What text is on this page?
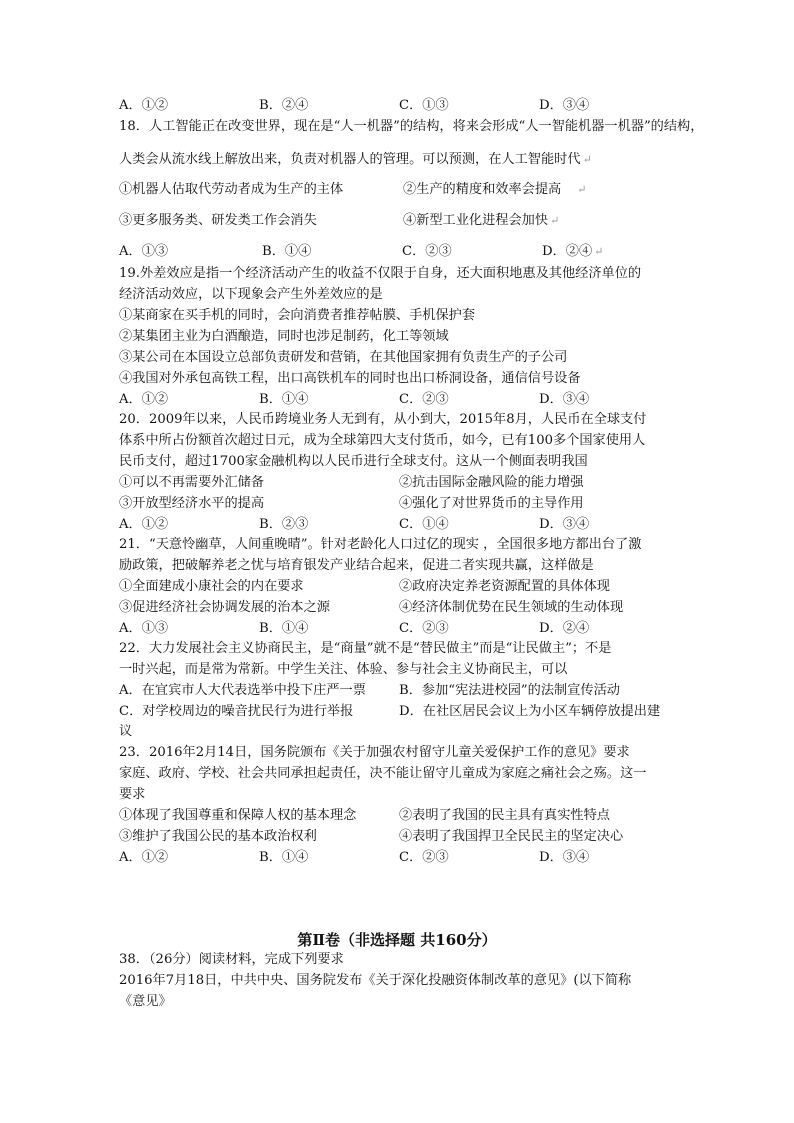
A．①②	B．②④	C．①③	D．③④
18．人工智能正在改变世界，现在是“人一机器”的结构，将来会形成“人一智能机器一机器”的结构，
人类会从流水线上解放出来，负责对机器人的管理。可以预测，在人工智能时代 ↵
①机器人估取代劳动者成为生产的主体	②生产的精度和效率会提高 ↵
③更多服务类、研发类工作会消失	④新型工业化进程会加快 ↵
A．①③	B．①④	C．②③	D．②④ ↵
19.外差效应是指一个经济活动产生的收益不仅限于自身，还大面积地惠及其他经济单位的
经济活动效应，以下现象会产生外差效应的是
①某商家在买手机的同时，会向消费者推荐帖膜、手机保护套
②某集团主业为白酒酿造，同时也涉足制药，化工等领域
③某公司在本国设立总部负责研发和营销，在其他国家拥有负责生产的子公司
④我国对外承包高铁工程，出口高铁机车的同时也出口桥洞设备，通信信号设备
A．①②	B．①④	C．②③	D．③④
20．2009年以来，人民币跨境业务人无到有，从小到大，2015年8月，人民币在全球支付
体系中所占份额首次超过日元，成为全球第四大支付货币，如今，已有100多个国家使用人
民币支付，超过1700家金融机构以人民币进行全球支付。这从一个侧面表明我国
①可以不再需要外汇储备	②抗击国际金融风险的能力增强
③开放型经济水平的提高	④强化了对世界货币的主导作用
A．①②	B．②③	C．①④	D．③④
21．“天意怜幽草，人间重晚晴”。针对老龄化人口过亿的现实 ，全国很多地方都出台了激
励政策，把破解养老之忧与培育银发产业结合起来，促进二者实现共赢，这样做是
①全面建成小康社会的内在要求	②政府决定养老资源配置的具体体现
③促进经济社会协调发展的治本之源	④经济体制优势在民生领域的生动体现
A．①③	B．①④	C．②③	D．②④
22．大力发展社会主义协商民主，是“商量”就不是“替民做主”而是“让民做主”；不是
一时兴起，而是常为常新。中学生关注、体验、参与社会主义协商民主，可以
A．在宜宾市人大代表选举中投下庄严一票	B．参加“宪法进校园”的法制宣传活动
C．对学校周边的噪音扰民行为进行举报	D．在社区居民会议上为小区车辆停放提出建
议
23．2016年2月14日，国务院颁布《关于加强农村留守儿童关爱保护工作的意见》要求
家庭、政府、学校、社会共同承担起责任，决不能让留守儿童成为家庭之痛社会之殇。这一
要求
①体现了我国尊重和保障人权的基本理念	②表明了我国的民主具有真实性特点
③维护了我国公民的基本政治权利	④表明了我国捍卫全民民主的坚定决心
A．①②	B．①④	C．②③	D．③④
第Ⅱ卷（非选择题 共160分）
38．（26分）阅读材料，完成下列要求
2016年7月18日，中共中央、国务院发布《关于深化投融资体制改革的意见》(以下简称
《意见》
